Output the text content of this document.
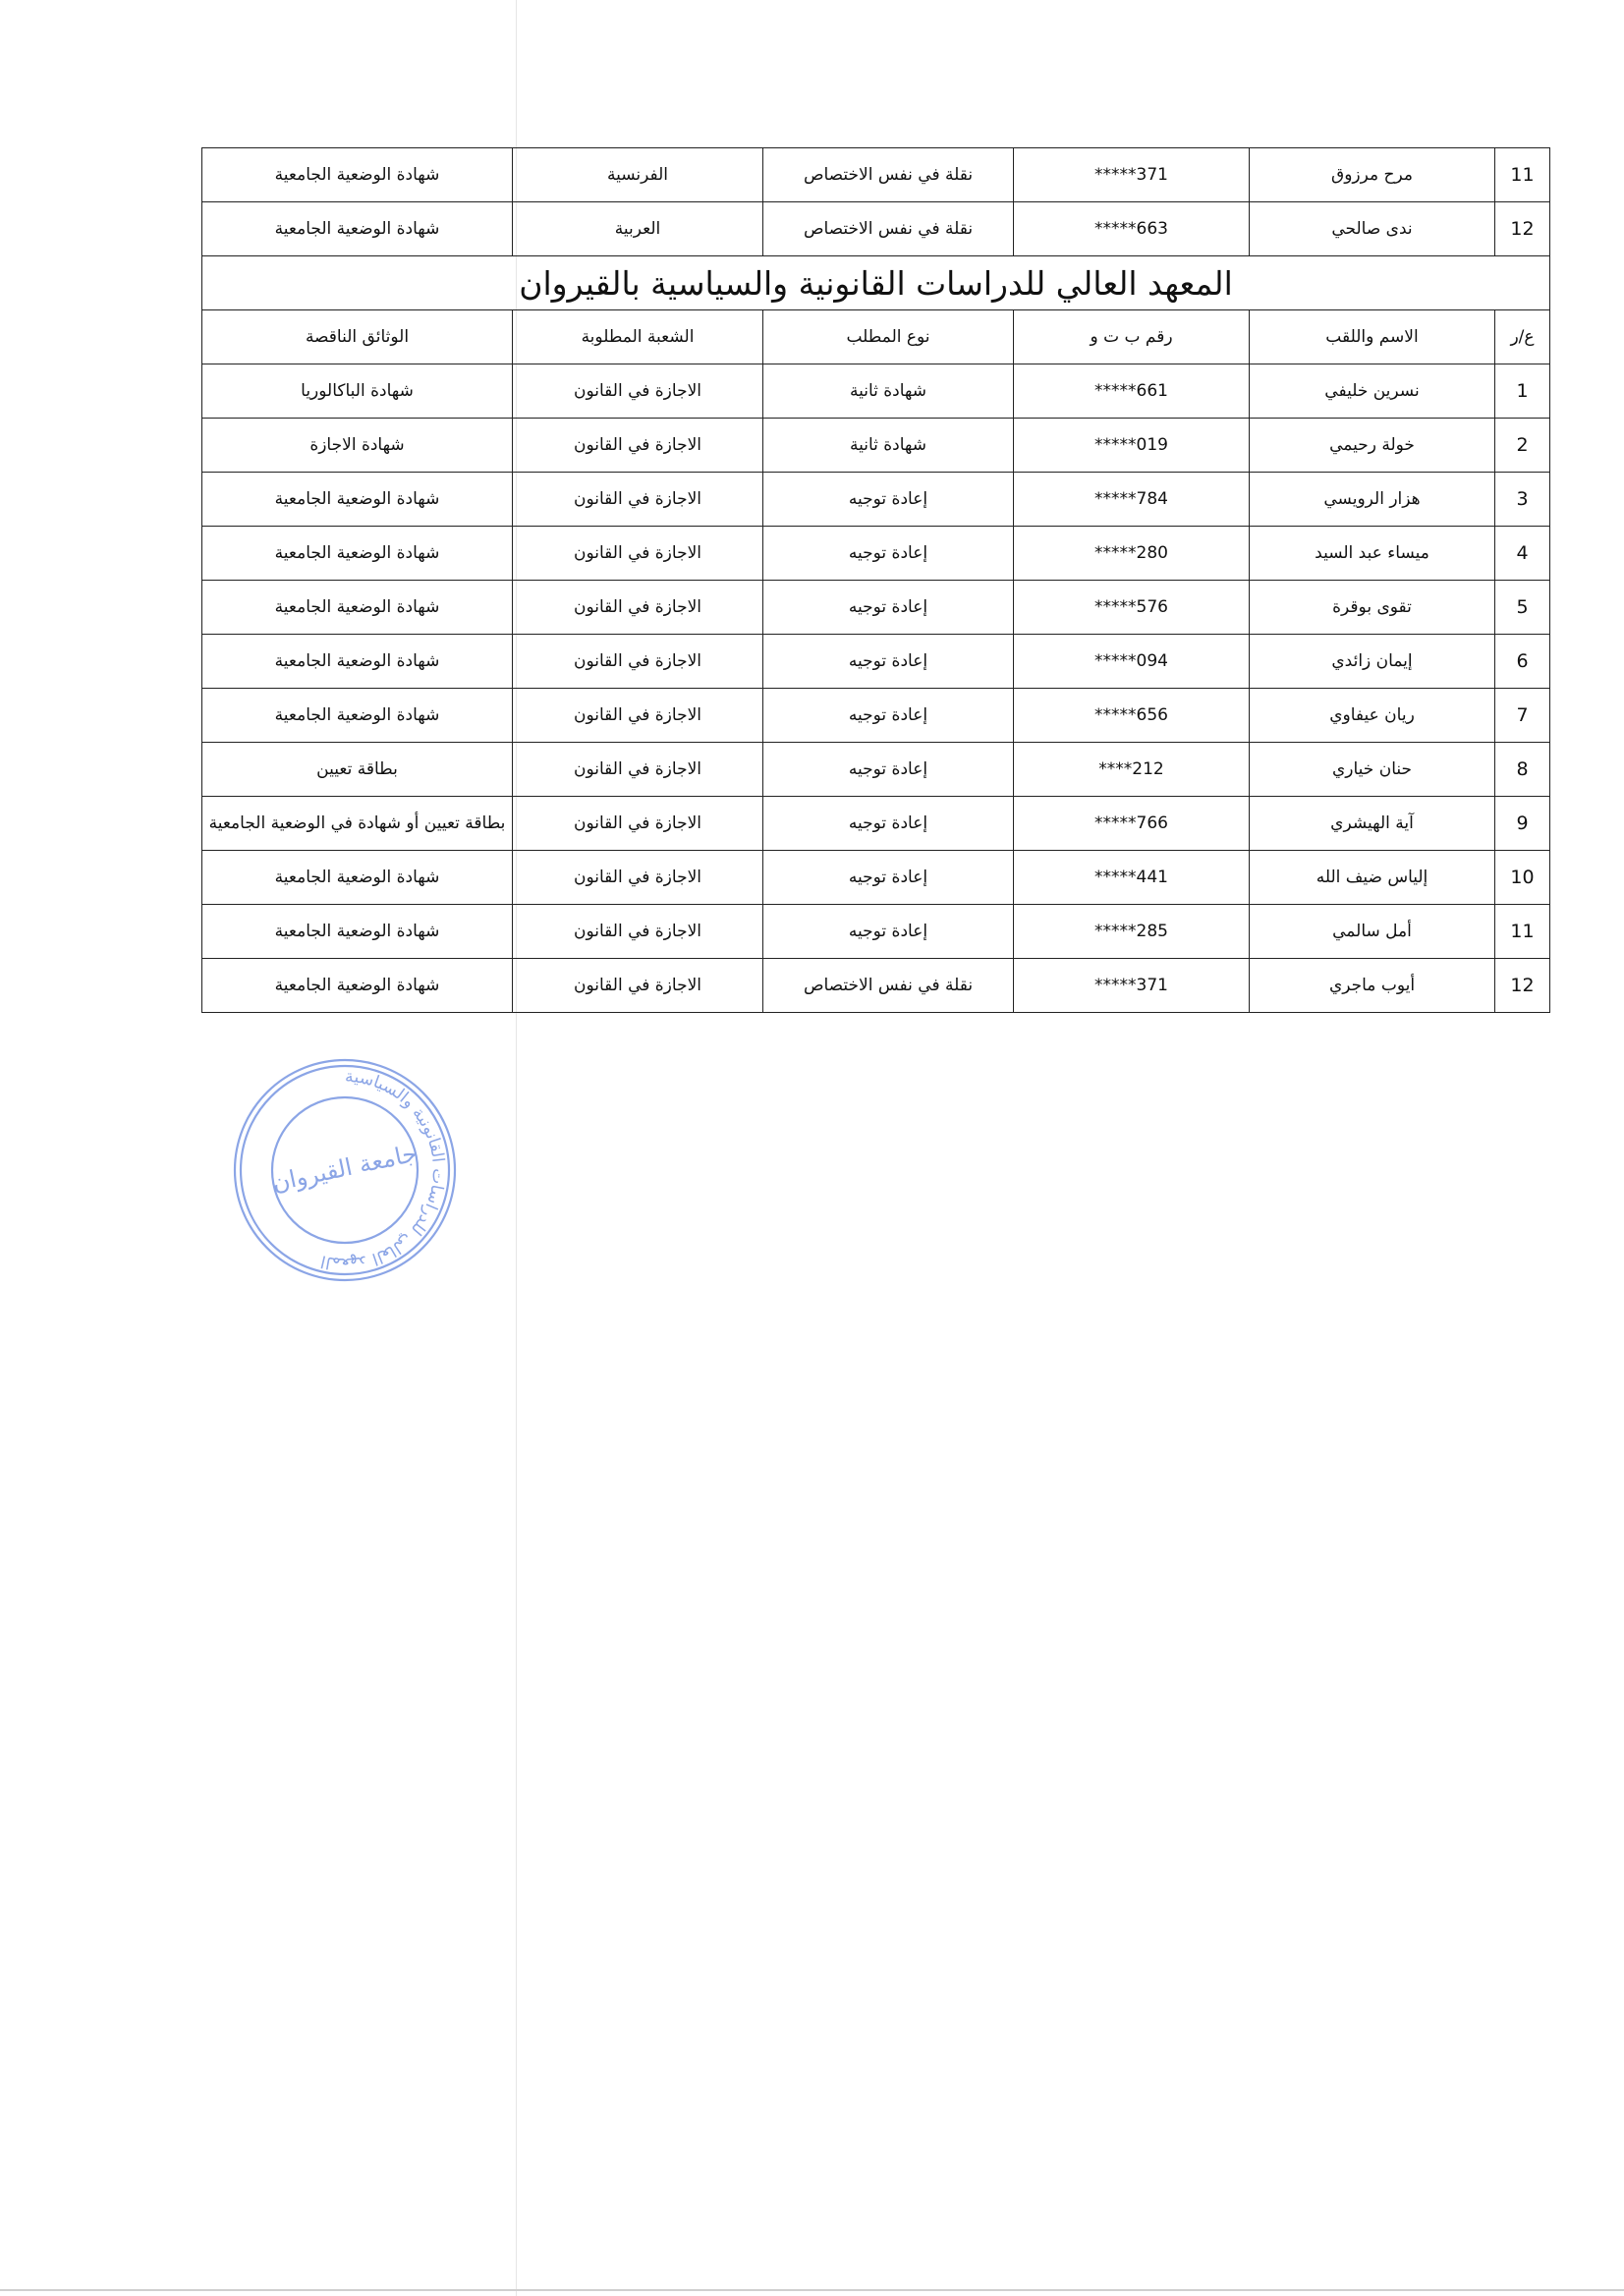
11	مرح مرزوق	*****371	نقلة في نفس الاختصاص	الفرنسية	شهادة الوضعية الجامعية
12	ندى صالحي	*****663	نقلة في نفس الاختصاص	العربية	شهادة الوضعية الجامعية
المعهد العالي للدراسات القانونية والسياسية بالقيروان					
ع/ر	الاسم واللقب	رقم ب ت و	نوع المطلب	الشعبة المطلوبة	الوثائق الناقصة
1	نسرين خليفي	*****661	شهادة ثانية	الاجازة في القانون	شهادة الباكالوريا
2	خولة رحيمي	*****019	شهادة ثانية	الاجازة في القانون	شهادة الاجازة
3	هزار الرويسي	*****784	إعادة توجيه	الاجازة في القانون	شهادة الوضعية الجامعية
4	ميساء عبد السيد	*****280	إعادة توجيه	الاجازة في القانون	شهادة الوضعية الجامعية
5	تقوى بوقرة	*****576	إعادة توجيه	الاجازة في القانون	شهادة الوضعية الجامعية
6	إيمان زائدي	*****094	إعادة توجيه	الاجازة في القانون	شهادة الوضعية الجامعية
7	ريان عيفاوي	*****656	إعادة توجيه	الاجازة في القانون	شهادة الوضعية الجامعية
8	حنان خياري	****212	إعادة توجيه	الاجازة في القانون	بطاقة تعيين
9	آية الهيشري	*****766	إعادة توجيه	الاجازة في القانون	بطاقة تعيين أو شهادة في الوضعية الجامعية
10	إلياس ضيف الله	*****441	إعادة توجيه	الاجازة في القانون	شهادة الوضعية الجامعية
11	أمل سالمي	*****285	إعادة توجيه	الاجازة في القانون	شهادة الوضعية الجامعية
12	أيوب ماجري	*****371	نقلة في نفس الاختصاص	الاجازة في القانون	شهادة الوضعية الجامعية
المعهد العالي للدراسات القانونية والسياسية
جامعة القيروان
